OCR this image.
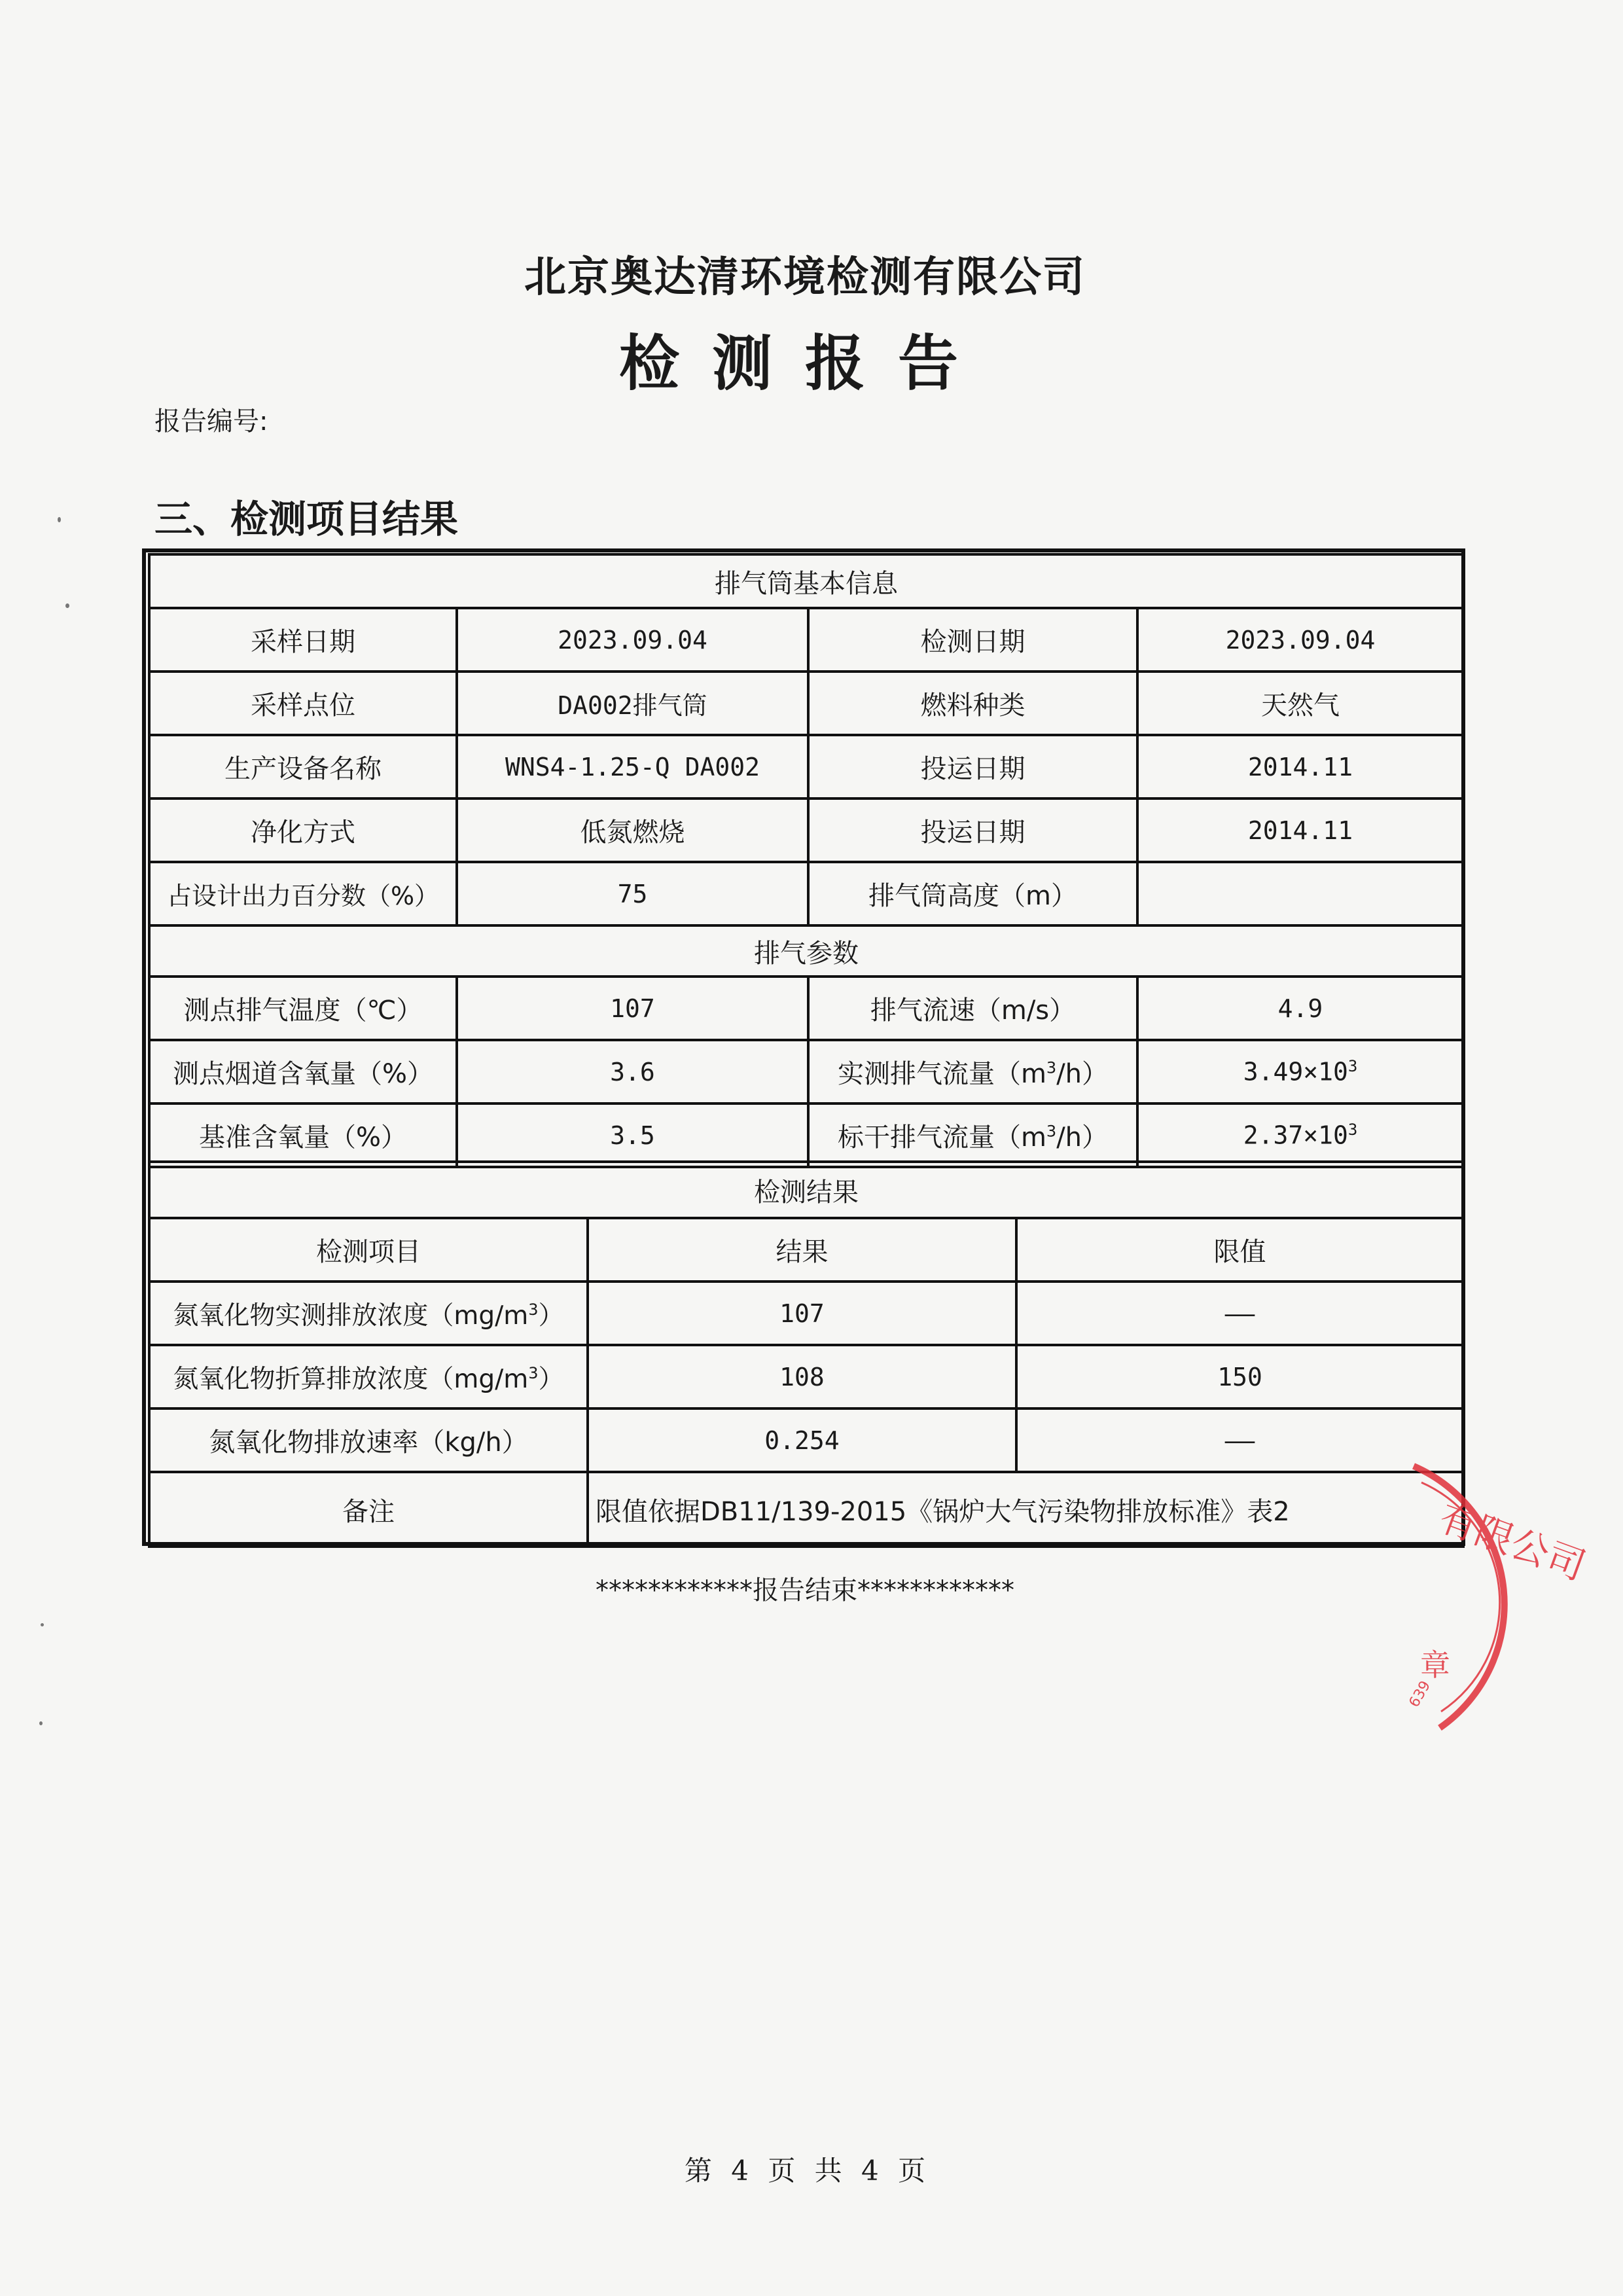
北京奥达清环境检测有限公司
检测报告
报告编号:
三、检测项目结果
排气筒基本信息			
采样日期	2023.09.04	检测日期	2023.09.04
采样点位	DA002排气筒	燃料种类	天然气
生产设备名称	WNS4-1.25-Q DA002	投运日期	2014.11
净化方式	低氮燃烧	投运日期	2014.11
占设计出力百分数（%）	75	排气筒高度（m）	
排气参数			
测点排气温度（℃）	107	排气流速（m/s）	4.9
测点烟道含氧量（%）	3.6	实测排气流量$(m^3/h)$	$3.49\times 10^3$
基准含氧量（%）	3.5	标干排气流量$(m^3/h)$	$2.37\times 10^3$
检测结果		
检测项目	结果	限值
氮氧化物实测排放浓度$(mg/m^3)$	107	——
氮氧化物折算排放浓度$(mg/m^3)$	108	150
氮氧化物排放速率（kg/h）	0.254	——
备注	限值依据DB11/139-2015《锅炉大气污染物排放标准》表2	
************报告结束************
有限公司
章
639
第 4 页 共 4 页
